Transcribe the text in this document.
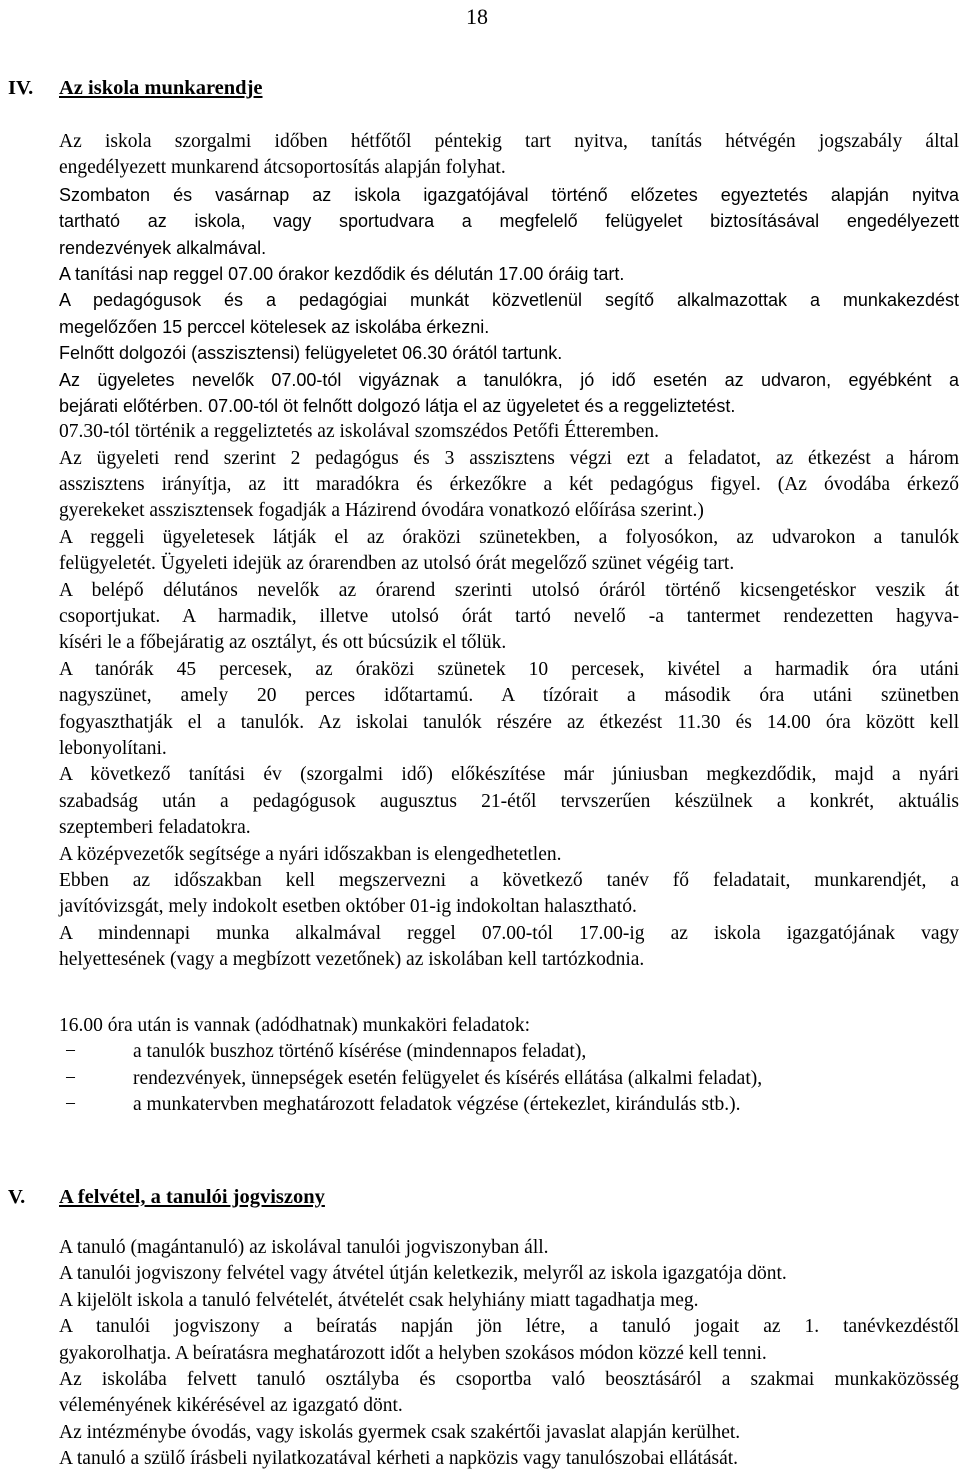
18
IV. Az iskola munkarendje
Az iskola szorgalmi időben hétfőtől péntekig tart nyitva, tanítás hétvégén jogszabály által
engedélyezett munkarend átcsoportosítás alapján folyhat.
Szombaton és vasárnap az iskola igazgatójával történő előzetes egyeztetés alapján nyitva
tartható az iskola, vagy sportudvara a megfelelő felügyelet biztosításával engedélyezett
rendezvények alkalmával.
A tanítási nap reggel 07.00 órakor kezdődik és délután 17.00 óráig tart.
A pedagógusok és a pedagógiai munkát közvetlenül segítő alkalmazottak a munkakezdést
megelőzően 15 perccel kötelesek az iskolába érkezni.
Felnőtt dolgozói (asszisztensi) felügyeletet 06.30 órától tartunk.
Az ügyeletes nevelők 07.00-tól vigyáznak a tanulókra, jó idő esetén az udvaron, egyébként a
bejárati előtérben. 07.00-tól öt felnőtt dolgozó látja el az ügyeletet és a reggeliztetést.
07.30-tól történik a reggeliztetés az iskolával szomszédos Petőfi Étteremben.
Az ügyeleti rend szerint 2 pedagógus és 3 asszisztens végzi ezt a feladatot, az étkezést a három
asszisztens irányítja, az itt maradókra és érkezőkre a két pedagógus figyel. (Az óvodába érkező
gyerekeket asszisztensek fogadják a Házirend óvodára vonatkozó előírása szerint.)
A reggeli ügyeletesek látják el az óraközi szünetekben, a folyosókon, az udvarokon a tanulók
felügyeletét. Ügyeleti idejük az órarendben az utolsó órát megelőző szünet végéig tart.
A belépő délutános nevelők az órarend szerinti utolsó óráról történő kicsengetéskor veszik át
csoportjukat. A harmadik, illetve utolsó órát tartó nevelő -a tantermet rendezetten hagyva-
kíséri le a főbejáratig az osztályt, és ott búcsúzik el tőlük.
A tanórák 45 percesek, az óraközi szünetek 10 percesek, kivétel a harmadik óra utáni
nagyszünet, amely 20 perces időtartamú. A tízórait a második óra utáni szünetben
fogyaszthatják el a tanulók. Az iskolai tanulók részére az étkezést 11.30 és 14.00 óra között kell
lebonyolítani.
A következő tanítási év (szorgalmi idő) előkészítése már júniusban megkezdődik, majd a nyári
szabadság után a pedagógusok augusztus 21-étől tervszerűen készülnek a konkrét, aktuális
szeptemberi feladatokra.
A középvezetők segítsége a nyári időszakban is elengedhetetlen.
Ebben az időszakban kell megszervezni a következő tanév fő feladatait, munkarendjét, a
javítóvizsgát, mely indokolt esetben október 01-ig indokoltan halasztható.
A mindennapi munka alkalmával reggel 07.00-tól 17.00-ig az iskola igazgatójának vagy
helyettesének (vagy a megbízott vezetőnek) az iskolában kell tartózkodnia.
16.00 óra után is vannak (adódhatnak) munkaköri feladatok:
−	a tanulók buszhoz történő kísérése (mindennapos feladat),
−	rendezvények, ünnepségek esetén felügyelet és kísérés ellátása (alkalmi feladat),
−	a munkatervben meghatározott feladatok végzése (értekezlet, kirándulás stb.).
V. A felvétel, a tanulói jogviszony
A tanuló (magántanuló) az iskolával tanulói jogviszonyban áll.
A tanulói jogviszony felvétel vagy átvétel útján keletkezik, melyről az iskola igazgatója dönt.
A kijelölt iskola a tanuló felvételét, átvételét csak helyhiány miatt tagadhatja meg.
A tanulói jogviszony a beíratás napján jön létre, a tanuló jogait az 1. tanévkezdéstől
gyakorolhatja. A beíratásra meghatározott időt a helyben szokásos módon közzé kell tenni.
Az iskolába felvett tanuló osztályba és csoportba való beosztásáról a szakmai munkaközösség
véleményének kikérésével az igazgató dönt.
Az intézménybe óvodás, vagy iskolás gyermek csak szakértői javaslat alapján kerülhet.
A tanuló a szülő írásbeli nyilatkozatával kérheti a napközis vagy tanulószobai ellátását.
